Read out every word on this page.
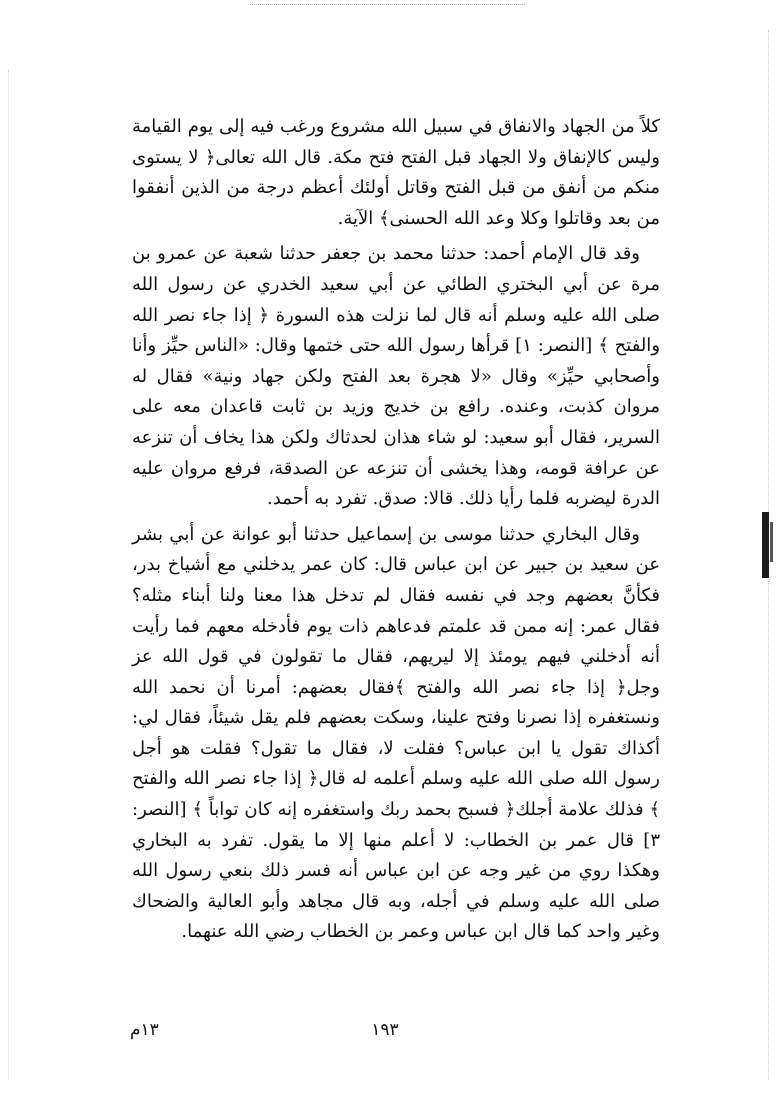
كلاً من الجهاد والانفاق في سبيل الله مشروع ورغب فيه إلى يوم القيامة وليس كالإنفاق ولا الجهاد قبل الفتح فتح مكة. قال الله تعالى﴿ لا يستوى منكم من أنفق من قبل الفتح وقاتل أولئك أعظم درجة من الذين أنفقوا من بعد وقاتلوا وكلا وعد الله الحسنى﴾ الآية.

وقد قال الإمام أحمد: حدثنا محمد بن جعفر حدثنا شعبة عن عمرو بن مرة عن أبي البختري الطائي عن أبي سعيد الخدري عن رسول الله صلى الله عليه وسلم أنه قال لما نزلت هذه السورة ﴿ إذا جاء نصر الله والفتح ﴾ [النصر: ١] قرأها رسول الله حتى ختمها وقال: «الناس حيِّز وأنا وأصحابي حيِّز» وقال «لا هجرة بعد الفتح ولكن جهاد ونية» فقال له مروان كذبت، وعنده. رافع بن خديج وزيد بن ثابت قاعدان معه على السرير، فقال أبو سعيد: لو شاء هذان لحدثاك ولكن هذا يخاف أن تنزعه عن عرافة قومه، وهذا يخشى أن تنزعه عن الصدقة، فرفع مروان عليه الدرة ليضربه فلما رأيا ذلك. قالا: صدق. تفرد به أحمد.

وقال البخاري حدثنا موسى بن إسماعيل حدثنا أبو عوانة عن أبي بشر عن سعيد بن جبير عن ابن عباس قال: كان عمر يدخلني مع أشياخ بدر، فكأنَّ بعضهم وجد في نفسه فقال لم تدخل هذا معنا ولنا أبناء مثله؟ فقال عمر: إنه ممن قد علمتم فدعاهم ذات يوم فأدخله معهم فما رأيت أنه أدخلني فيهم يومئذ إلا ليريهم، فقال ما تقولون في قول الله عز وجل﴿ إذا جاء نصر الله والفتح ﴾فقال بعضهم: أمرنا أن نحمد الله ونستغفره إذا نصرنا وفتح علينا، وسكت بعضهم فلم يقل شيئاً، فقال لي: أكذاك تقول يا ابن عباس؟ فقلت لا، فقال ما تقول؟ فقلت هو أجل رسول الله صلى الله عليه وسلم أعلمه له قال﴿ إذا جاء نصر الله والفتح ﴾ فذلك علامة أجلك﴿ فسبح بحمد ربك واستغفره إنه كان تواباً ﴾ [النصر: ٣] قال عمر بن الخطاب: لا أعلم منها إلا ما يقول. تفرد به البخاري وهكذا روي من غير وجه عن ابن عباس أنه فسر ذلك بنعي رسول الله صلى الله عليه وسلم في أجله، وبه قال مجاهد وأبو العالية والضحاك وغير واحد كما قال ابن عباس وعمر بن الخطاب رضي الله عنهما.

١٩٣
١٣م
